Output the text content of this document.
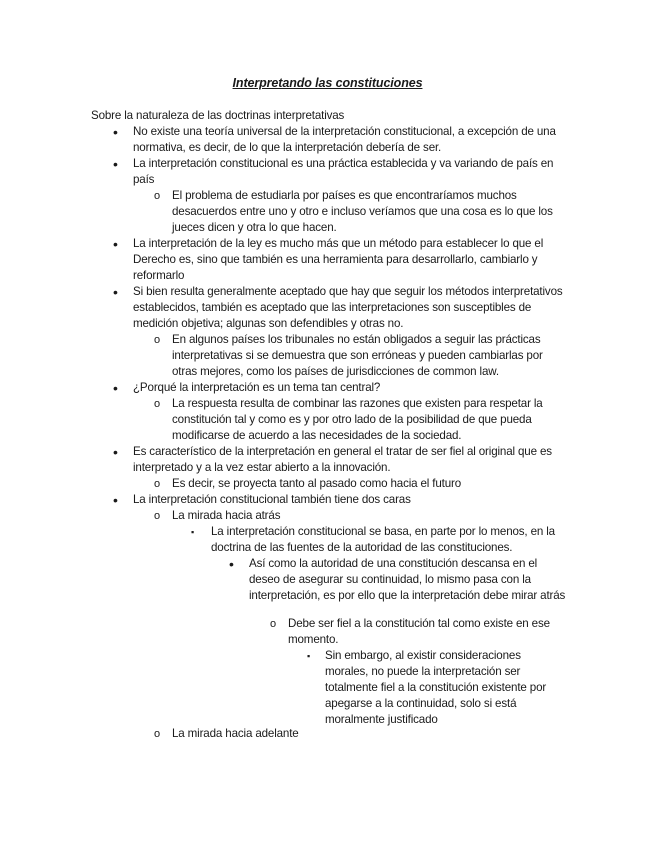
Interpretando las constituciones
Sobre la naturaleza de las doctrinas interpretativas
• No existe una teoría universal de la interpretación constitucional, a excepción de una normativa, es decir, de lo que la interpretación debería de ser.
• La interpretación constitucional es una práctica establecida y va variando de país en país
o El problema de estudiarla por países es que encontraríamos muchos desacuerdos entre uno y otro e incluso veríamos que una cosa es lo que los jueces dicen y otra lo que hacen.
• La interpretación de la ley es mucho más que un método para establecer lo que el Derecho es, sino que también es una herramienta para desarrollarlo, cambiarlo y reformarlo
• Si bien resulta generalmente aceptado que hay que seguir los métodos interpretativos establecidos, también es aceptado que las interpretaciones son susceptibles de medición objetiva; algunas son defendibles y otras no.
o En algunos países los tribunales no están obligados a seguir las prácticas interpretativas si se demuestra que son erróneas y pueden cambiarlas por otras mejores, como los países de jurisdicciones de common law.
• ¿Porqué la interpretación es un tema tan central?
o La respuesta resulta de combinar las razones que existen para respetar la constitución tal y como es y por otro lado de la posibilidad de que pueda modificarse de acuerdo a las necesidades de la sociedad.
• Es característico de la interpretación en general el tratar de ser fiel al original que es interpretado y a la vez estar abierto a la innovación.
o Es decir, se proyecta tanto al pasado como hacia el futuro
• La interpretación constitucional también tiene dos caras
o La mirada hacia atrás
▪ La interpretación constitucional se basa, en parte por lo menos, en la doctrina de las fuentes de la autoridad de las constituciones.
• Así como la autoridad de una constitución descansa en el deseo de asegurar su continuidad, lo mismo pasa con la interpretación, es por ello que la interpretación debe mirar atrás
o Debe ser fiel a la constitución tal como existe en ese momento.
▪ Sin embargo, al existir consideraciones morales, no puede la interpretación ser totalmente fiel a la constitución existente por apegarse a la continuidad, solo si está moralmente justificado
o La mirada hacia adelante
